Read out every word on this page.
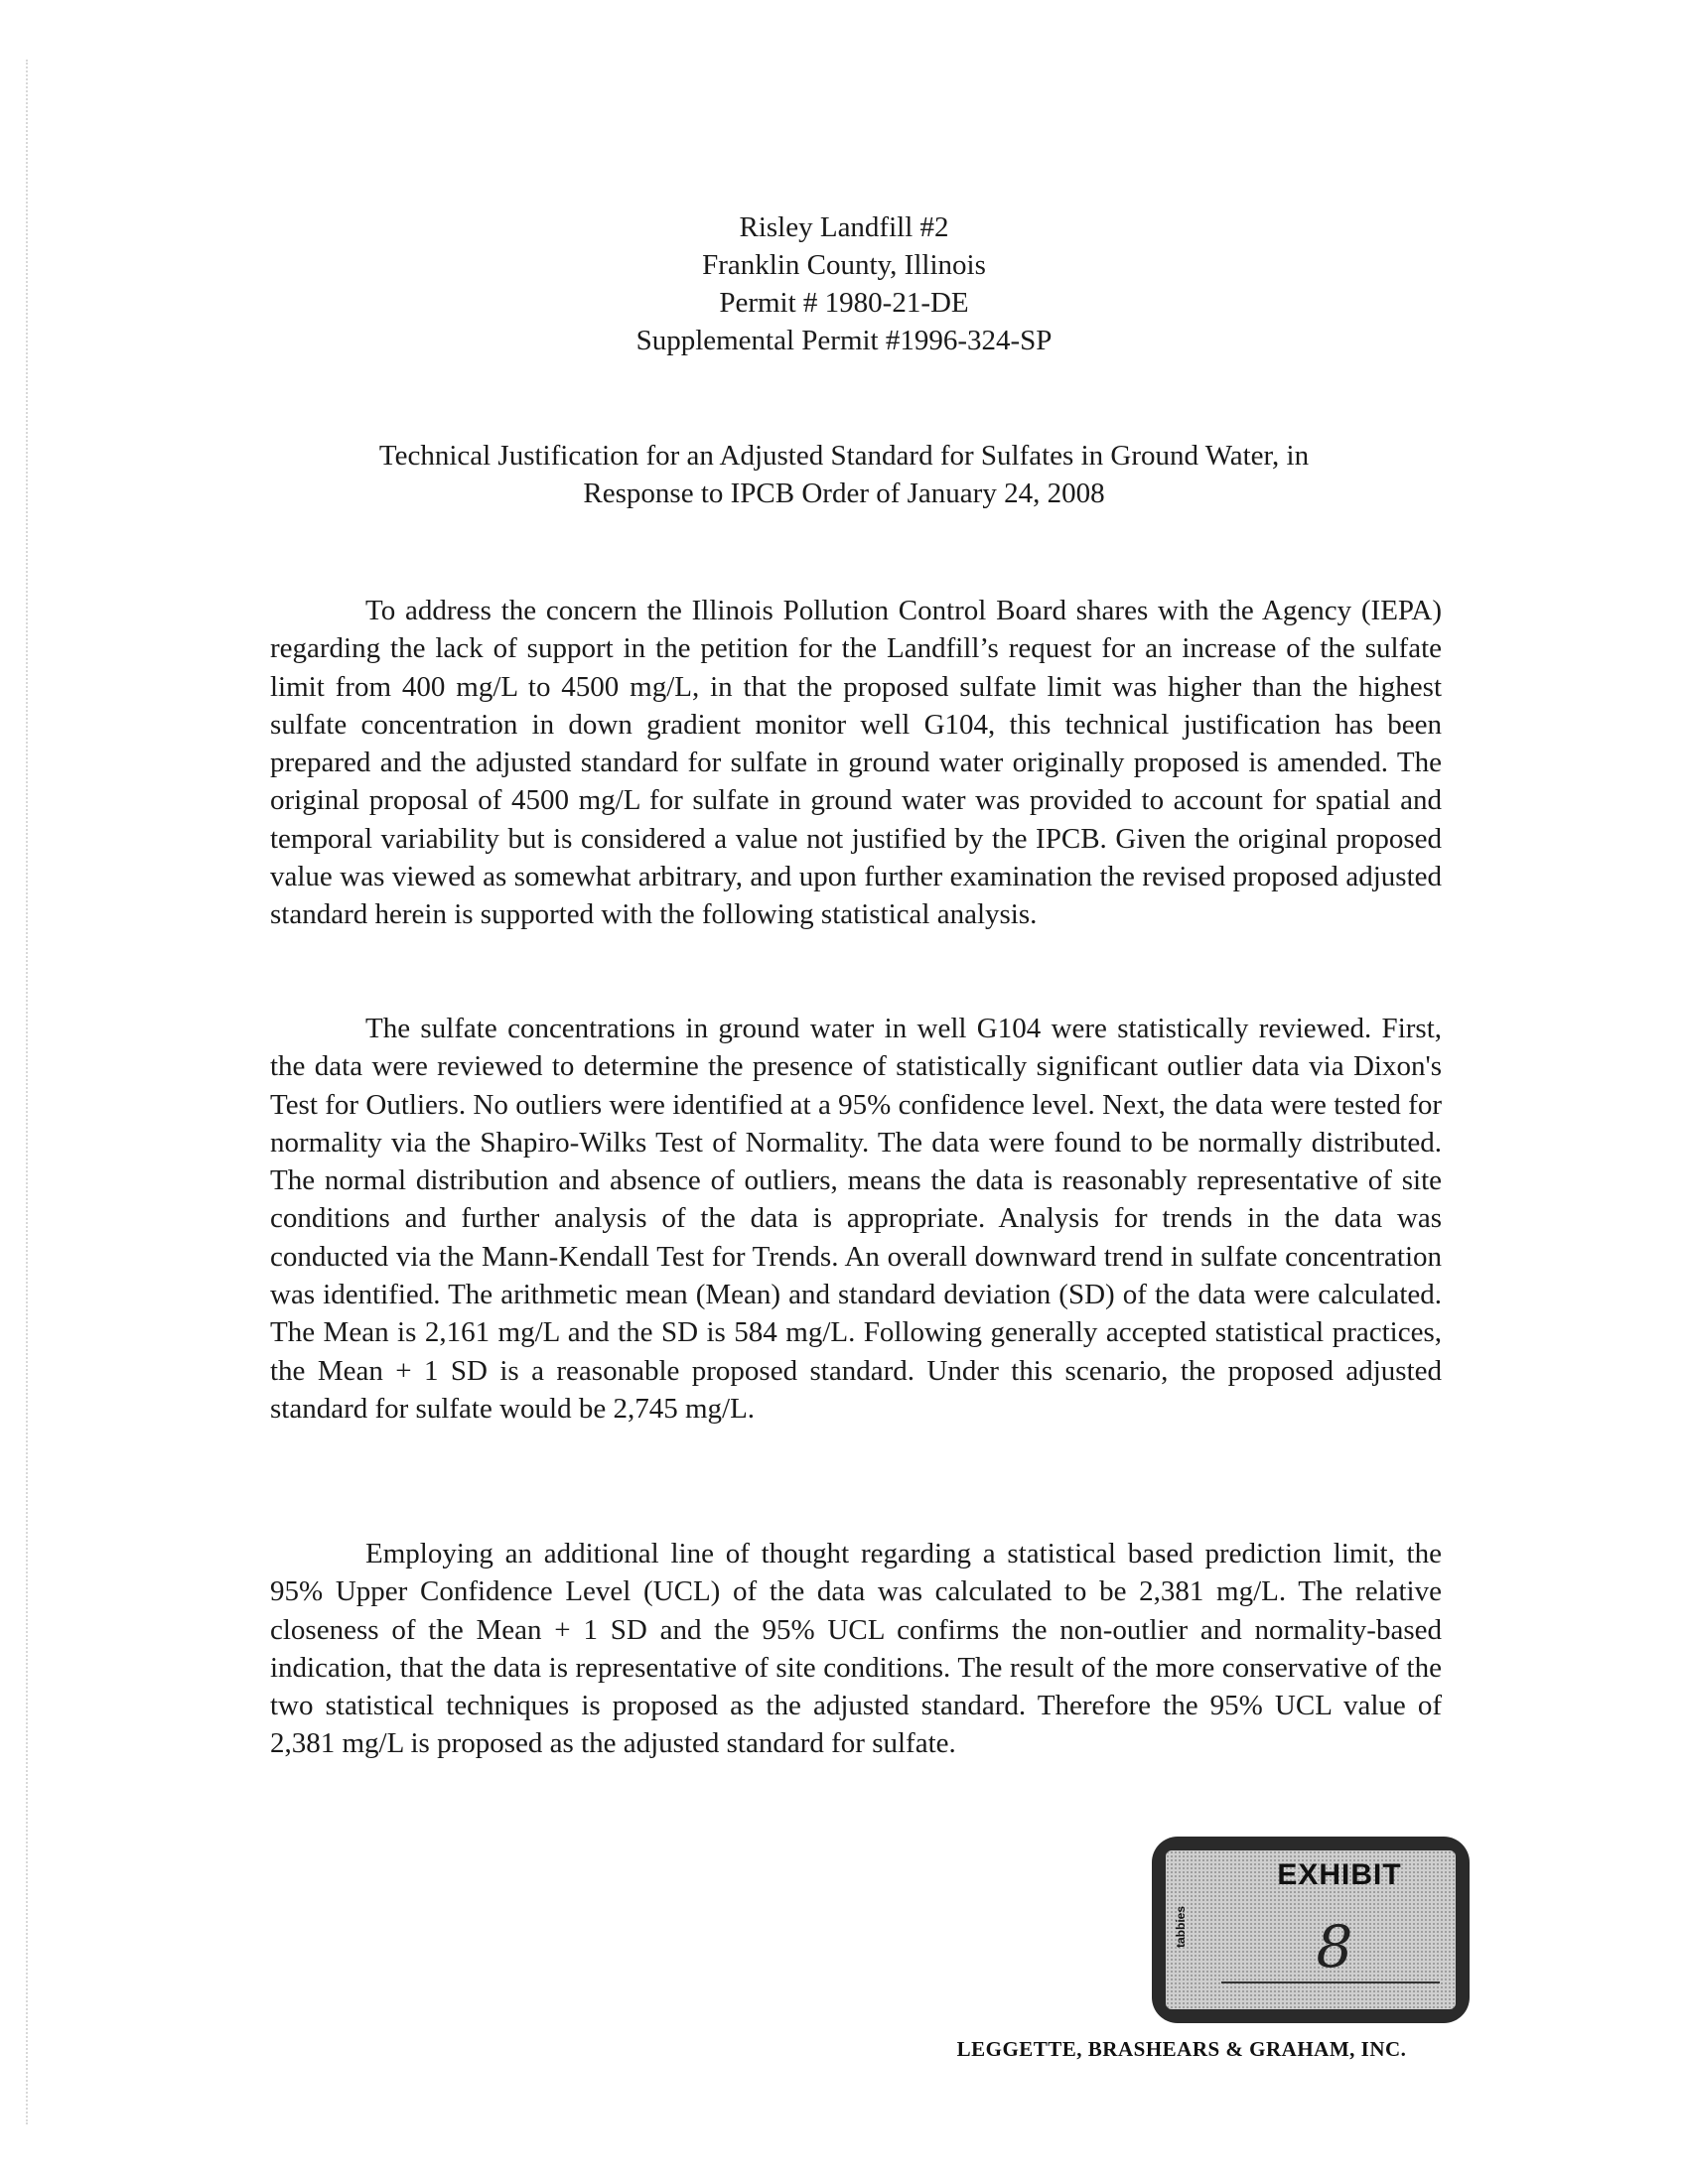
Risley Landfill #2
Franklin County, Illinois
Permit # 1980-21-DE
Supplemental Permit #1996-324-SP
Technical Justification for an Adjusted Standard for Sulfates in Ground Water, in
Response to IPCB Order of January 24, 2008

To address the concern the Illinois Pollution Control Board shares with the Agency (IEPA) regarding the lack of support in the petition for the Landfill’s request for an increase of the sulfate limit from 400 mg/L to 4500 mg/L, in that the proposed sulfate limit was higher than the highest sulfate concentration in down gradient monitor well G104, this technical justification has been prepared and the adjusted standard for sulfate in ground water originally proposed is amended. The original proposal of 4500 mg/L for sulfate in ground water was provided to account for spatial and temporal variability but is considered a value not justified by the IPCB. Given the original proposed value was viewed as somewhat arbitrary, and upon further examination the revised proposed adjusted standard herein is supported with the following statistical analysis.

The sulfate concentrations in ground water in well G104 were statistically reviewed. First, the data were reviewed to determine the presence of statistically significant outlier data via Dixon's Test for Outliers. No outliers were identified at a 95% confidence level. Next, the data were tested for normality via the Shapiro-Wilks Test of Normality. The data were found to be normally distributed. The normal distribution and absence of outliers, means the data is reasonably representative of site conditions and further analysis of the data is appropriate. Analysis for trends in the data was conducted via the Mann-Kendall Test for Trends. An overall downward trend in sulfate concentration was identified. The arithmetic mean (Mean) and standard deviation (SD) of the data were calculated. The Mean is 2,161 mg/L and the SD is 584 mg/L. Following generally accepted statistical practices, the Mean + 1 SD is a reasonable proposed standard. Under this scenario, the proposed adjusted standard for sulfate would be 2,745 mg/L.

Employing an additional line of thought regarding a statistical based prediction limit, the 95% Upper Confidence Level (UCL) of the data was calculated to be 2,381 mg/L. The relative closeness of the Mean + 1 SD and the 95% UCL confirms the non-outlier and normality-based indication, that the data is representative of site conditions. The result of the more conservative of the two statistical techniques is proposed as the adjusted standard. Therefore the 95% UCL value of 2,381 mg/L is proposed as the adjusted standard for sulfate.

EXHIBIT
tabbies	8
LEGGETTE, BRASHEARS & GRAHAM, INC.
